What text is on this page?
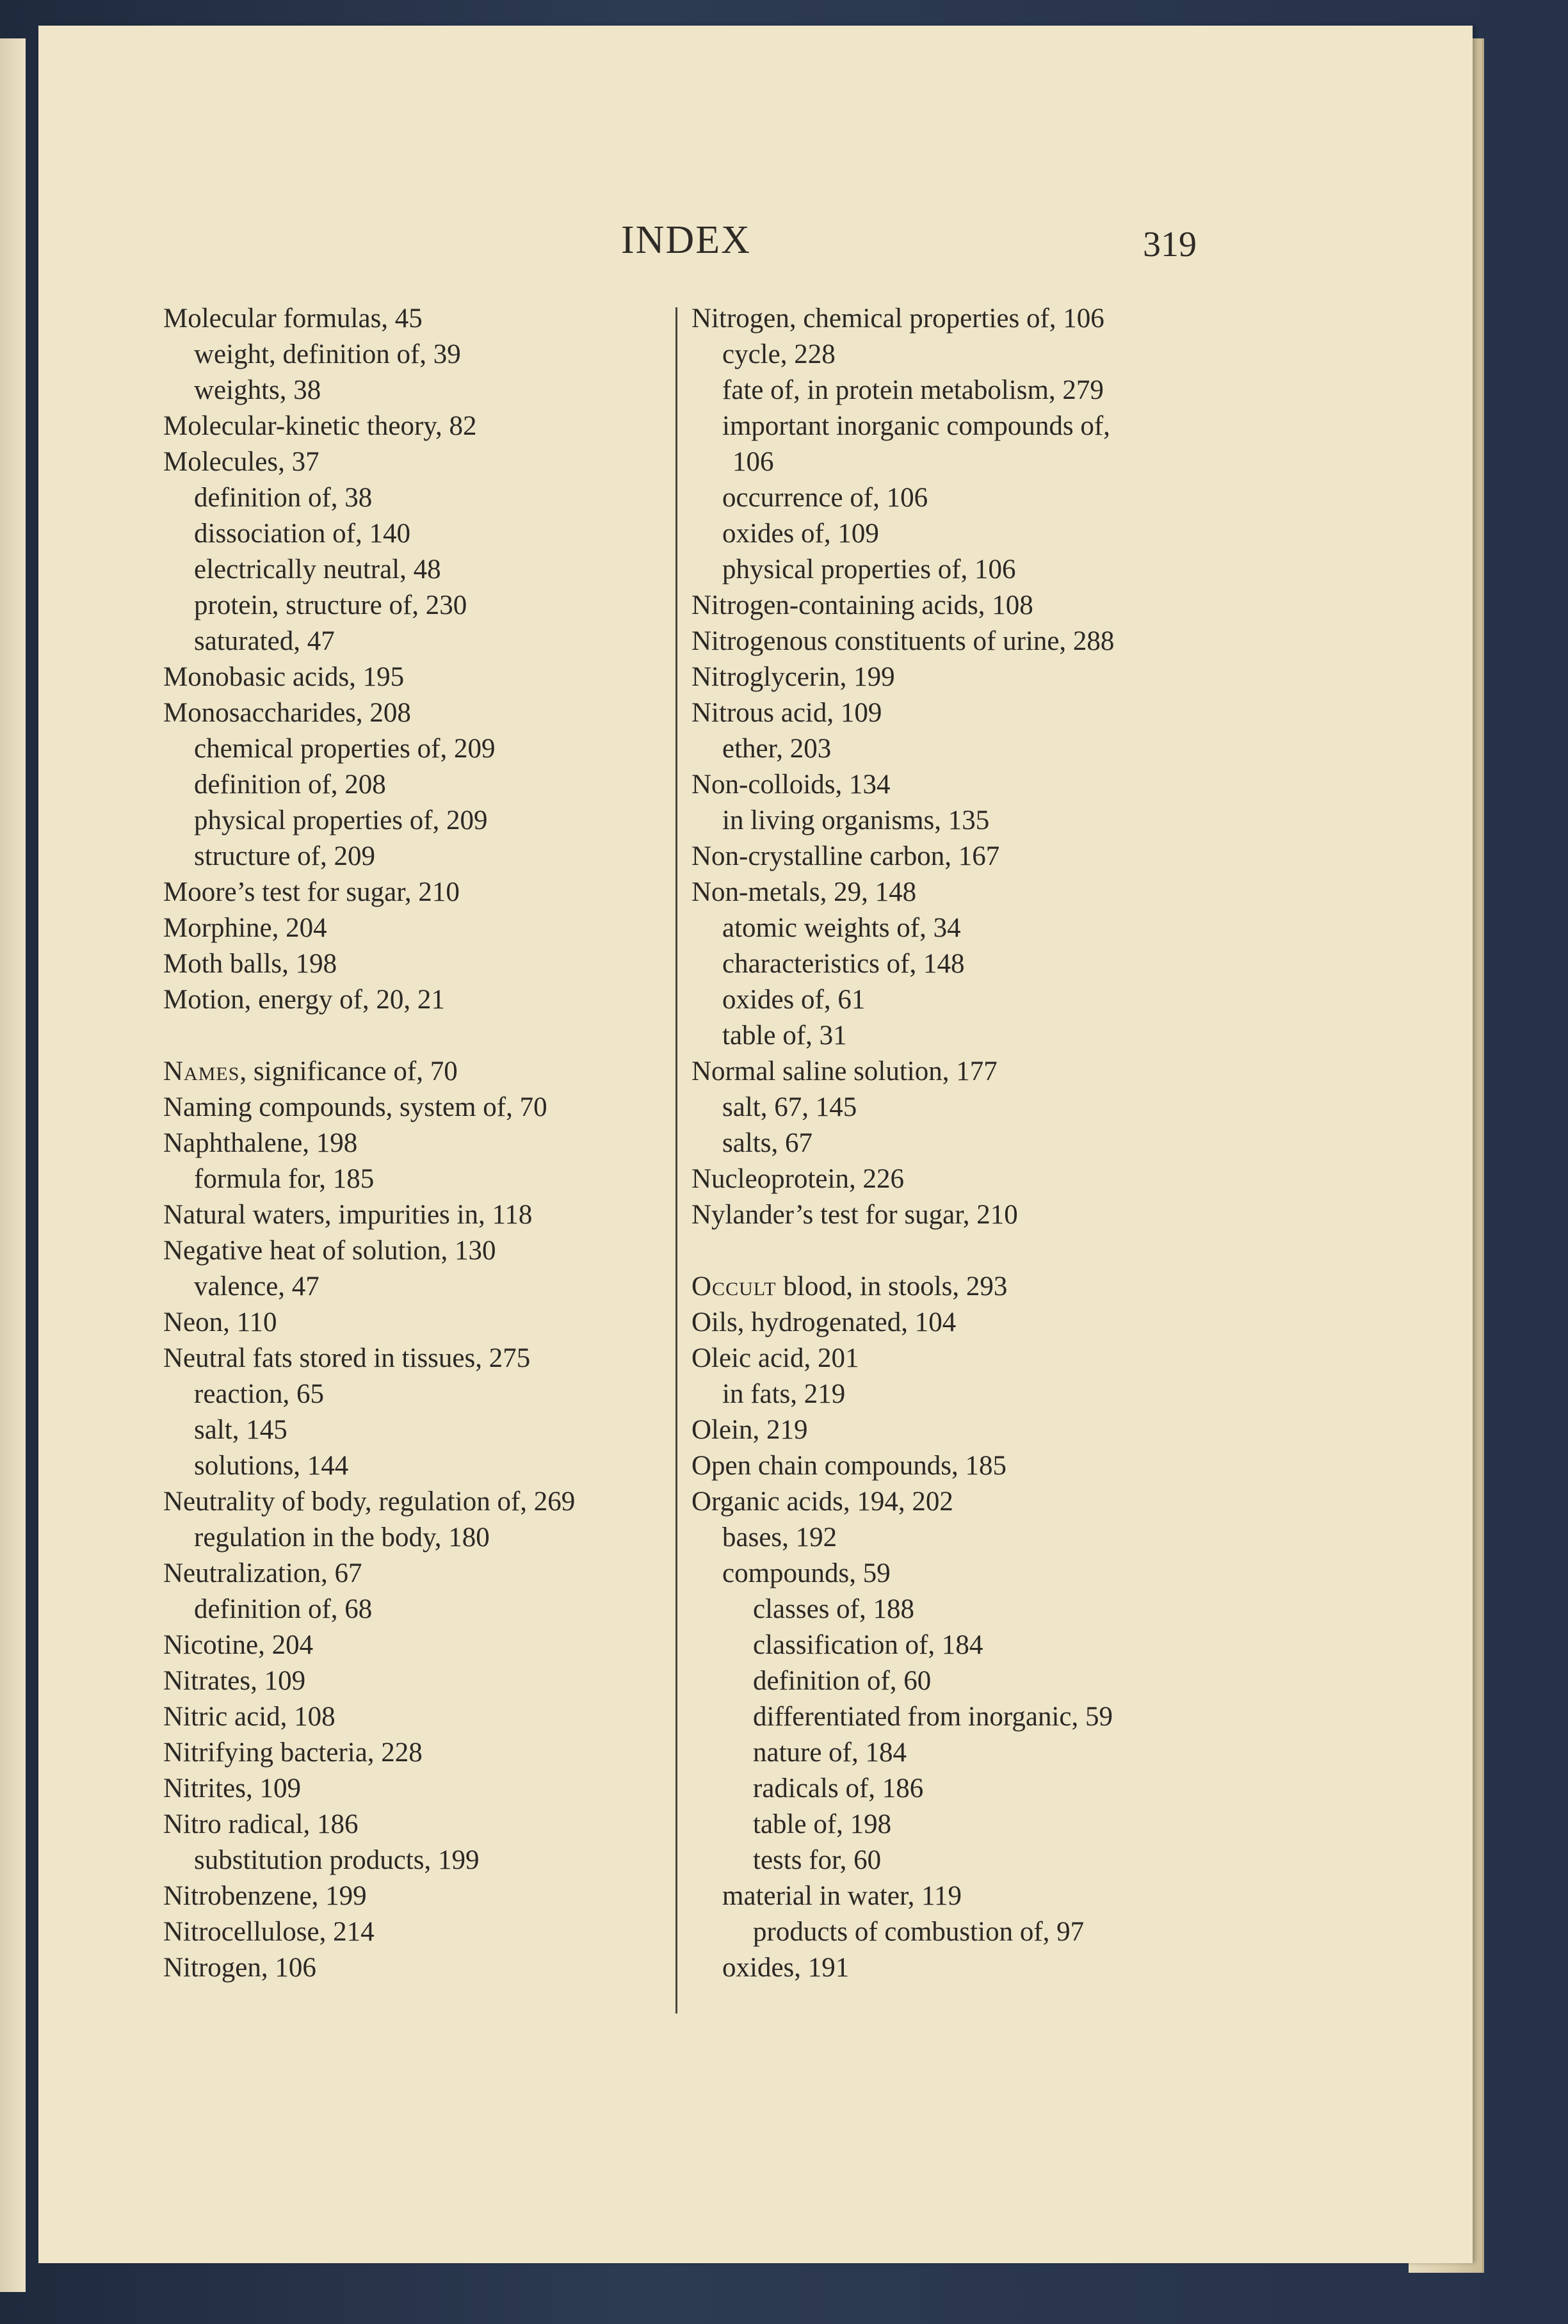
INDEX	319
Molecular formulas, 45
weight, definition of, 39
weights, 38
Molecular-kinetic theory, 82
Molecules, 37
definition of, 38
dissociation of, 140
electrically neutral, 48
protein, structure of, 230
saturated, 47
Monobasic acids, 195
Monosaccharides, 208
chemical properties of, 209
definition of, 208
physical properties of, 209
structure of, 209
Moore’s test for sugar, 210
Morphine, 204
Moth balls, 198
Motion, energy of, 20, 21
Names, significance of, 70
Naming compounds, system of, 70
Naphthalene, 198
formula for, 185
Natural waters, impurities in, 118
Negative heat of solution, 130
valence, 47
Neon, 110
Neutral fats stored in tissues, 275
reaction, 65
salt, 145
solutions, 144
Neutrality of body, regulation of, 269
regulation in the body, 180
Neutralization, 67
definition of, 68
Nicotine, 204
Nitrates, 109
Nitric acid, 108
Nitrifying bacteria, 228
Nitrites, 109
Nitro radical, 186
substitution products, 199
Nitrobenzene, 199
Nitrocellulose, 214
Nitrogen, 106
Nitrogen, chemical properties of, 106
cycle, 228
fate of, in protein metabolism, 279
important inorganic compounds of,
106
occurrence of, 106
oxides of, 109
physical properties of, 106
Nitrogen-containing acids, 108
Nitrogenous constituents of urine, 288
Nitroglycerin, 199
Nitrous acid, 109
ether, 203
Non-colloids, 134
in living organisms, 135
Non-crystalline carbon, 167
Non-metals, 29, 148
atomic weights of, 34
characteristics of, 148
oxides of, 61
table of, 31
Normal saline solution, 177
salt, 67, 145
salts, 67
Nucleoprotein, 226
Nylander’s test for sugar, 210
Occult blood, in stools, 293
Oils, hydrogenated, 104
Oleic acid, 201
in fats, 219
Olein, 219
Open chain compounds, 185
Organic acids, 194, 202
bases, 192
compounds, 59
classes of, 188
classification of, 184
definition of, 60
differentiated from inorganic, 59
nature of, 184
radicals of, 186
table of, 198
tests for, 60
material in water, 119
products of combustion of, 97
oxides, 191
